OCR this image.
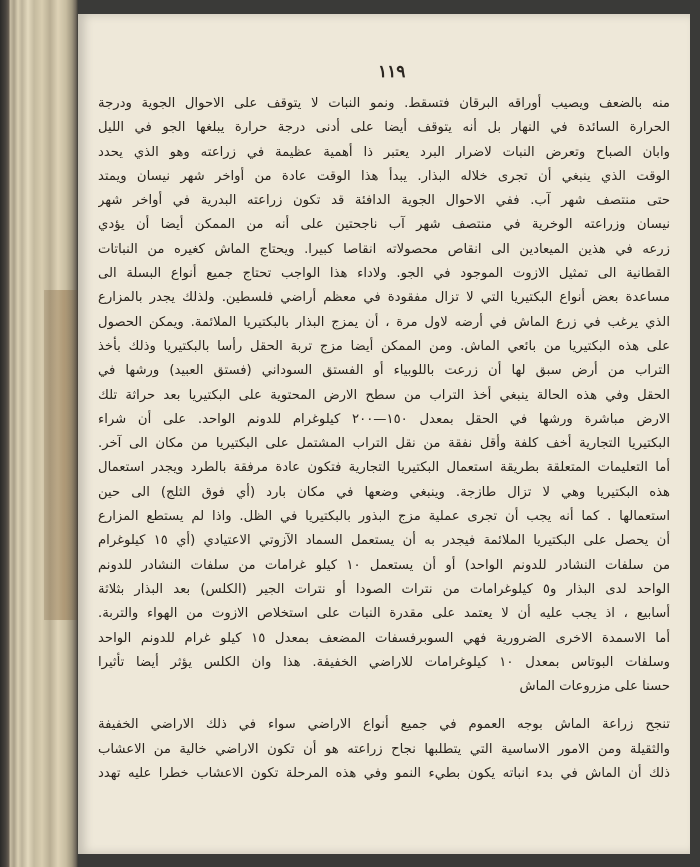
١١٩
منه بالضعف ويصيب أوراقه البرقان فتسقط. ونمو النبات لا يتوقف على الاحوال الجوية ودرجة
الحرارة السائدة في النهار بل أنه يتوقف أيضا على أدنى درجة حرارة يبلغها الجو في الليل
وابان الصباح وتعرض النبات لاضرار البرد يعتبر ذا أهمية عظيمة في زراعته وهو الذي يحدد
الوقت الذي ينبغي أن تجرى خلاله البذار. يبدأ هذا الوقت عادة من أواخر شهر نيسان ويمتد
حتى منتصف شهر آب. ففي الاحوال الجوية الدافئة قد تكون زراعته البدرية في أواخر شهر
نيسان وزراعته الوخرية في منتصف شهر آب ناجحتين على أنه من الممكن أيضا أن يؤدي
زرعه في هذين الميعادين الى انقاص محصولاته انقاصا كبيرا. ويحتاج الماش كغيره من النباتات
القطانية الى تمثيل الازوت الموجود في الجو. ولاداء هذا الواجب تحتاج جميع أنواع البسلة الى
مساعدة بعض أنواع البكتيريا التي لا تزال مفقودة في معظم أراضي فلسطين. ولذلك يجدر بالمزارع
الذي يرغب في زرع الماش في أرضه لاول مرة ، أن يمزج البذار بالبكتيريا الملائمة. ويمكن الحصول
على هذه البكتيريا من بائعي الماش. ومن الممكن أيضا مزج تربة الحقل رأسا بالبكتيريا وذلك بأخذ
التراب من أرض سبق لها أن زرعت باللوبياء أو الفستق السوداني (فستق العبيد) ورشها في
الحقل وفي هذه الحالة ينبغي أخذ التراب من سطح الارض المحتوية على البكتيريا بعد حراثة تلك
الارض مباشرة ورشها في الحقل بمعدل ١٥٠—٢٠٠ كيلوغرام للدونم الواحد. على أن شراء
البكتيريا التجارية أخف كلفة وأقل نفقة من نقل التراب المشتمل على البكتيريا من مكان الى آخر.
أما التعليمات المتعلقة بطريقة استعمال البكتيريا التجارية فتكون عادة مرفقة بالطرد ويجدر استعمال
هذه البكتيريا وهي لا تزال طازجة. وينبغي وضعها في مكان بارد (أي فوق الثلج) الى حين
استعمالها . كما أنه يجب أن تجرى عملية مزج البذور بالبكتيريا في الظل. واذا لم يستطع المزارع
أن يحصل على البكتيريا الملائمة فيجدر به أن يستعمل السماد الآزوتي الاعتيادي (أي ١٥ كيلوغرام
من سلفات النشادر للدونم الواحد) أو أن يستعمل ١٠ كيلو غرامات من سلفات النشادر للدونم
الواحد لدى البذار و٥ كيلوغرامات من نترات الصودا أو نترات الجير (الكلس) بعد البذار بثلاثة
أسابيع ، اذ يجب عليه أن لا يعتمد على مقدرة النبات على استخلاص الازوت من الهواء والتربة.
أما الاسمدة الاخرى الضرورية فهي السوبرفسفات المضعف بمعدل ١٥ كيلو غرام للدونم الواحد
وسلفات البوتاس بمعدل ١٠ كيلوغرامات للاراضي الخفيفة. هذا وان الكلس يؤثر أيضا تأثيرا
حسنا على مزروعات الماش
تنجح زراعة الماش بوجه العموم في جميع أنواع الاراضي سواء في ذلك الاراضي الخفيفة
والثقيلة ومن الامور الاساسية التي يتطلبها نجاح زراعته هو أن تكون الاراضي خالية من الاعشاب
ذلك أن الماش في بدء انباته يكون بطيء النمو وفي هذه المرحلة تكون الاعشاب خطرا عليه تهدد
